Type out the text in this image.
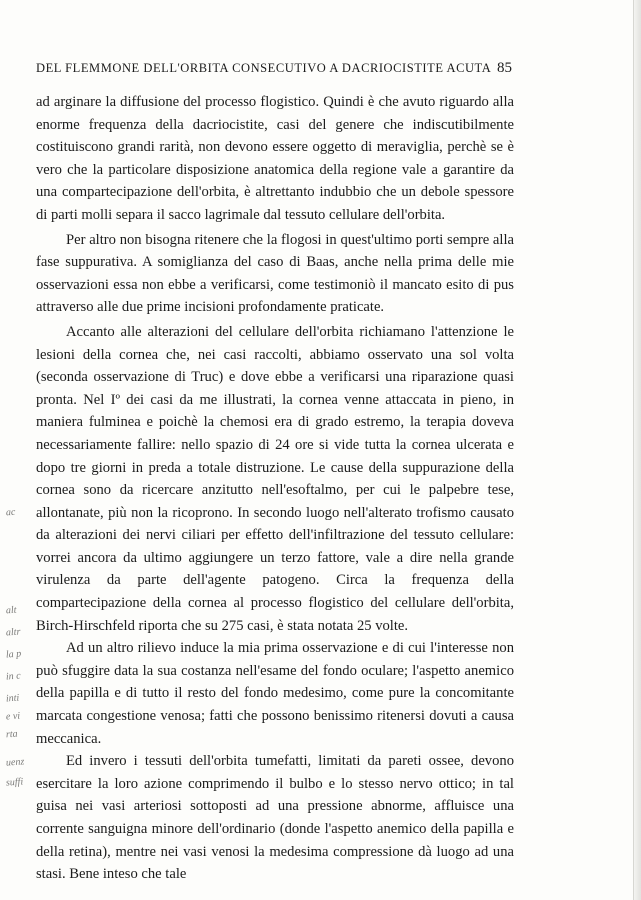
DEL FLEMMONE DELL'ORBITA CONSECUTIVO A DACRIOCISTITE ACUTA 85

ad arginare la diffusione del processo flogistico. Quindi è che avuto riguardo alla enorme frequenza della dacriocistite, casi del genere che indiscutibilmente costituiscono grandi rarità, non devono essere oggetto di meraviglia, perchè se è vero che la particolare disposizione anatomica della regione vale a garantire da una compartecipazione dell'orbita, è altrettanto indubbio che un debole spessore di parti molli separa il sacco lagrimale dal tessuto cellulare dell'orbita.

Per altro non bisogna ritenere che la flogosi in quest'ultimo porti sempre alla fase suppurativa. A somiglianza del caso di Baas, anche nella prima delle mie osservazioni essa non ebbe a verificarsi, come testimoniò il mancato esito di pus attraverso alle due prime incisioni profondamente praticate.

Accanto alle alterazioni del cellulare dell'orbita richiamano l'attenzione le lesioni della cornea che, nei casi raccolti, abbiamo osservato una sol volta (seconda osservazione di Truc) e dove ebbe a verificarsi una riparazione quasi pronta. Nel Iº dei casi da me illustrati, la cornea venne attaccata in pieno, in maniera fulminea e poichè la chemosi era di grado estremo, la terapia doveva necessariamente fallire: nello spazio di 24 ore si vide tutta la cornea ulcerata e dopo tre giorni in preda a totale distruzione. Le cause della suppurazione della cornea sono da ricercare anzitutto nell'esoftalmo, per cui le palpebre tese, allontanate, più non la ricoprono. In secondo luogo nell'alterato trofismo causato da alterazioni dei nervi ciliari per effetto dell'infiltrazione del tessuto cellulare: vorrei ancora da ultimo aggiungere un terzo fattore, vale a dire nella grande virulenza da parte dell'agente patogeno. Circa la frequenza della compartecipazione della cornea al processo flogistico del cellulare dell'orbita, Birch-Hirschfeld riporta che su 275 casi, è stata notata 25 volte.

Ad un altro rilievo induce la mia prima osservazione e di cui l'interesse non può sfuggire data la sua costanza nell'esame del fondo oculare; l'aspetto anemico della papilla e di tutto il resto del fondo medesimo, come pure la concomitante marcata congestione venosa; fatti che possono benissimo ritenersi dovuti a causa meccanica.

Ed invero i tessuti dell'orbita tumefatti, limitati da pareti ossee, devono esercitare la loro azione comprimendo il bulbo e lo stesso nervo ottico; in tal guisa nei vasi arteriosi sottoposti ad una pressione abnorme, affluisce una corrente sanguigna minore dell'ordinario (donde l'aspetto anemico della papilla e della retina), mentre nei vasi venosi la medesima compressione dà luogo ad una stasi. Bene inteso che tale

ac
alt
altr
la p
in c
inti
e vi
rta
uenz
suffi
